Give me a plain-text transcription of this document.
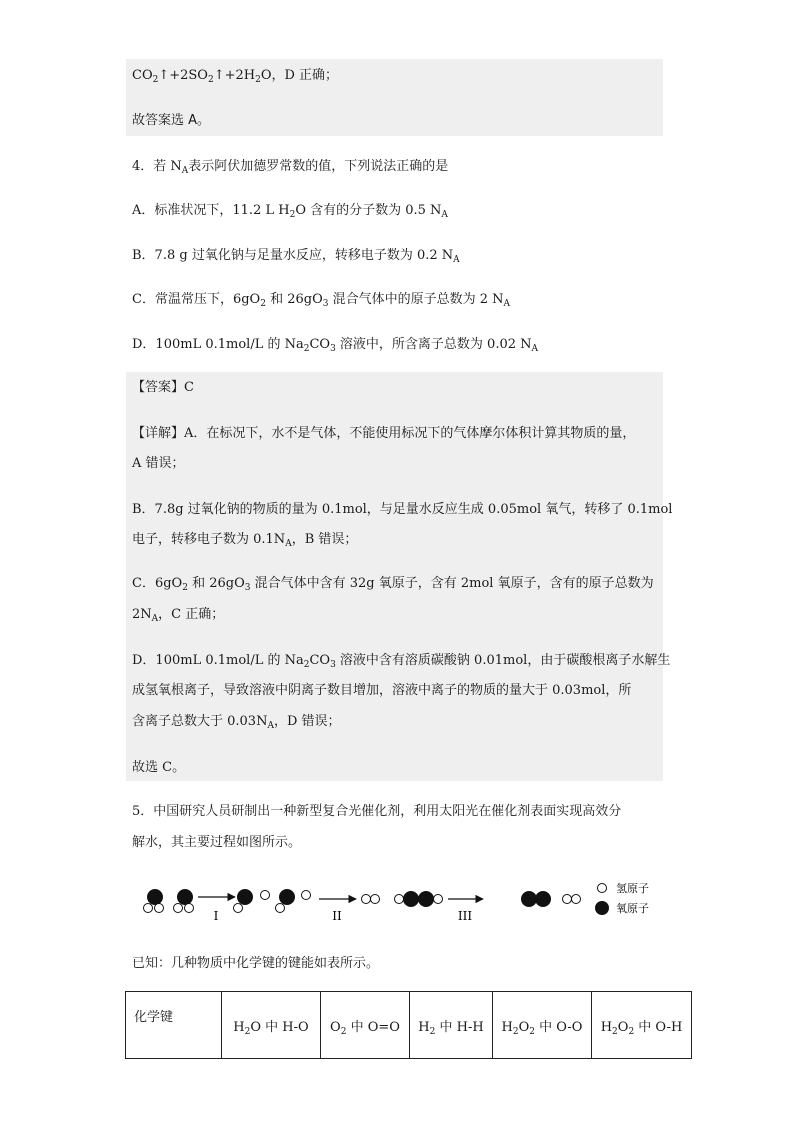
$CO_2↑+2SO_2↑+2H_2O$，D 正确；
故答案选 A。
4．若 $N_A$表示阿伏加德罗常数的值，下列说法正确的是
A．标准状况下，11.2 L $H_2O$ 含有的分子数为 0.5 $N_A$
B．7.8 g 过氧化钠与足量水反应，转移电子数为 0.2 $N_A$
C．常温常压下，$6gO_2$ 和 $26gO_3$ 混合气体中的原子总数为 2 $N_A$
D．100mL 0.1mol/L 的 $Na_2CO_3$ 溶液中，所含离子总数为 0.02 $N_A$
【答案】C
【详解】A．在标况下，水不是气体，不能使用标况下的气体摩尔体积计算其物质的量，
A 错误；
B．7.8g 过氧化钠的物质的量为 0.1mol，与足量水反应生成 0.05mol 氧气，转移了 0.1mol
电子，转移电子数为 $0.1N_A$，B 错误；
C．$6gO_2$ 和 $26gO_3$ 混合气体中含有 32g 氧原子，含有 2mol 氧原子，含有的原子总数为
$2N_A$，C 正确；
D．100mL 0.1mol/L 的 $Na_2CO_3$ 溶液中含有溶质碳酸钠 0.01mol，由于碳酸根离子水解生
成氢氧根离子，导致溶液中阴离子数目增加，溶液中离子的物质的量大于 0.03mol，所
含离子总数大于 $0.03N_A$，D 错误；
故选 C。
5．中国研究人员研制出一种新型复合光催化剂，利用太阳光在催化剂表面实现高效分
解水，其主要过程如图所示。
I	II	III
氢原子
氧原子
已知：几种物质中化学键的键能如表所示。
化学键	$H_2O$ 中 H-O	$O_2$ 中 O=O	$H_2$ 中 H-H	$H_2O_2$ 中 O-O	$H_2O_2$ 中 O-H
